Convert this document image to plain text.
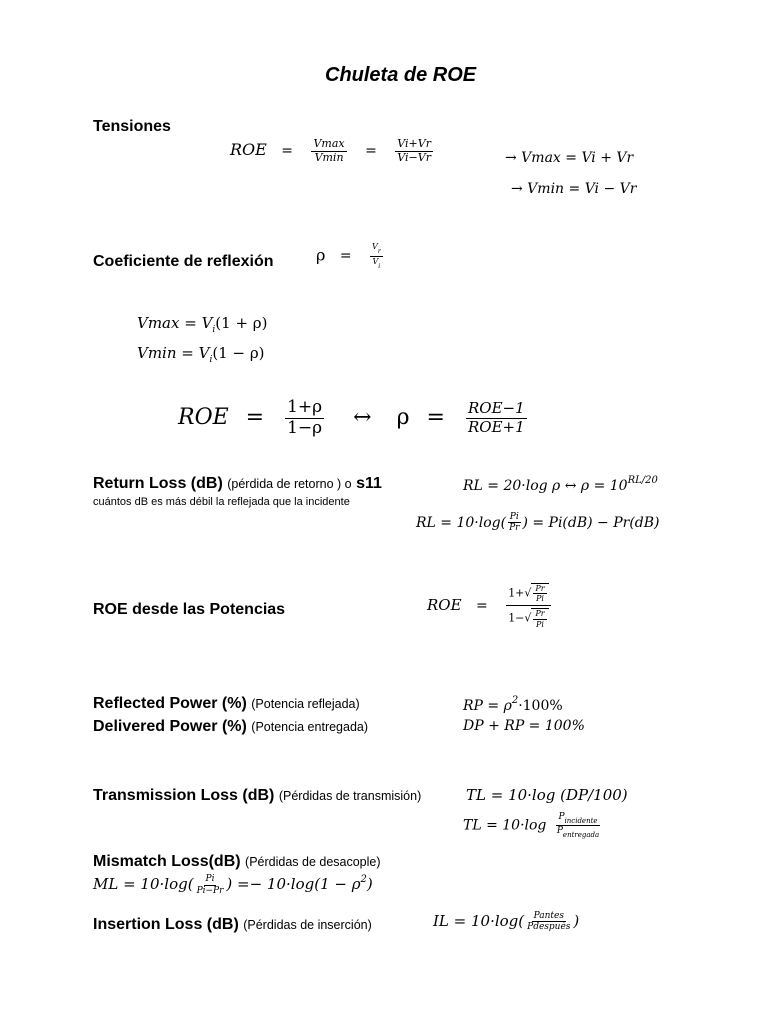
Chuleta de ROE
Tensiones
ROE = $\frac{Vmax}{Vmin} = \frac{Vi+Vr}{Vi-Vr}$	→ Vmax = Vi + Vr
→ Vmin = Vi − Vr
Coeficiente de reflexión	$\rho = \frac{V_r}{V_i}$
$Vmax = V_i(1 + \rho)$
$Vmin = V_i(1 - \rho)$
ROE = $\frac{1+\rho}{1-\rho}$ ↔ $\rho = \frac{\text{ROE−1}}{\text{ROE+1}}$
Return Loss (dB) (pérdida de retorno ) o s11
cuántos dB es más débil la reflejada que la incidente
RL = 20·log ρ ↔ $\rho = 10^{RL/20}$
RL = $10\cdot\log( \frac{Pi}{Pr}$ ) = Pi(dB) − Pr(dB)
ROE desde las Potencias	ROE = $\frac{1+√ \frac{Pr}{Pi}}{1-√ \frac{Pr}{Pi}}$
Reflected Power (%) (Potencia reflejada)	RP = $\rho^2\cdot 100\%$
Delivered Power (%) (Potencia entregada)	DP + RP = 100%
Transmission Loss (dB) (Pérdidas de transmisión)	TL = 10·log (DP/100)
TL = $10\cdot\log \frac{P_{incidente}}{P_{entregada}}$
Mismatch Loss(dB) (Pérdidas de desacople)
ML = $10\cdot\log( \frac{Pi}{Pi-Pr}$ ) =− $10\cdot\log(1 - \rho^2)$
Insertion Loss (dB) (Pérdidas de inserción)	IL = $10\cdot\log( \frac{\text{Pantes}}{\text{Pdespués}}$ )
